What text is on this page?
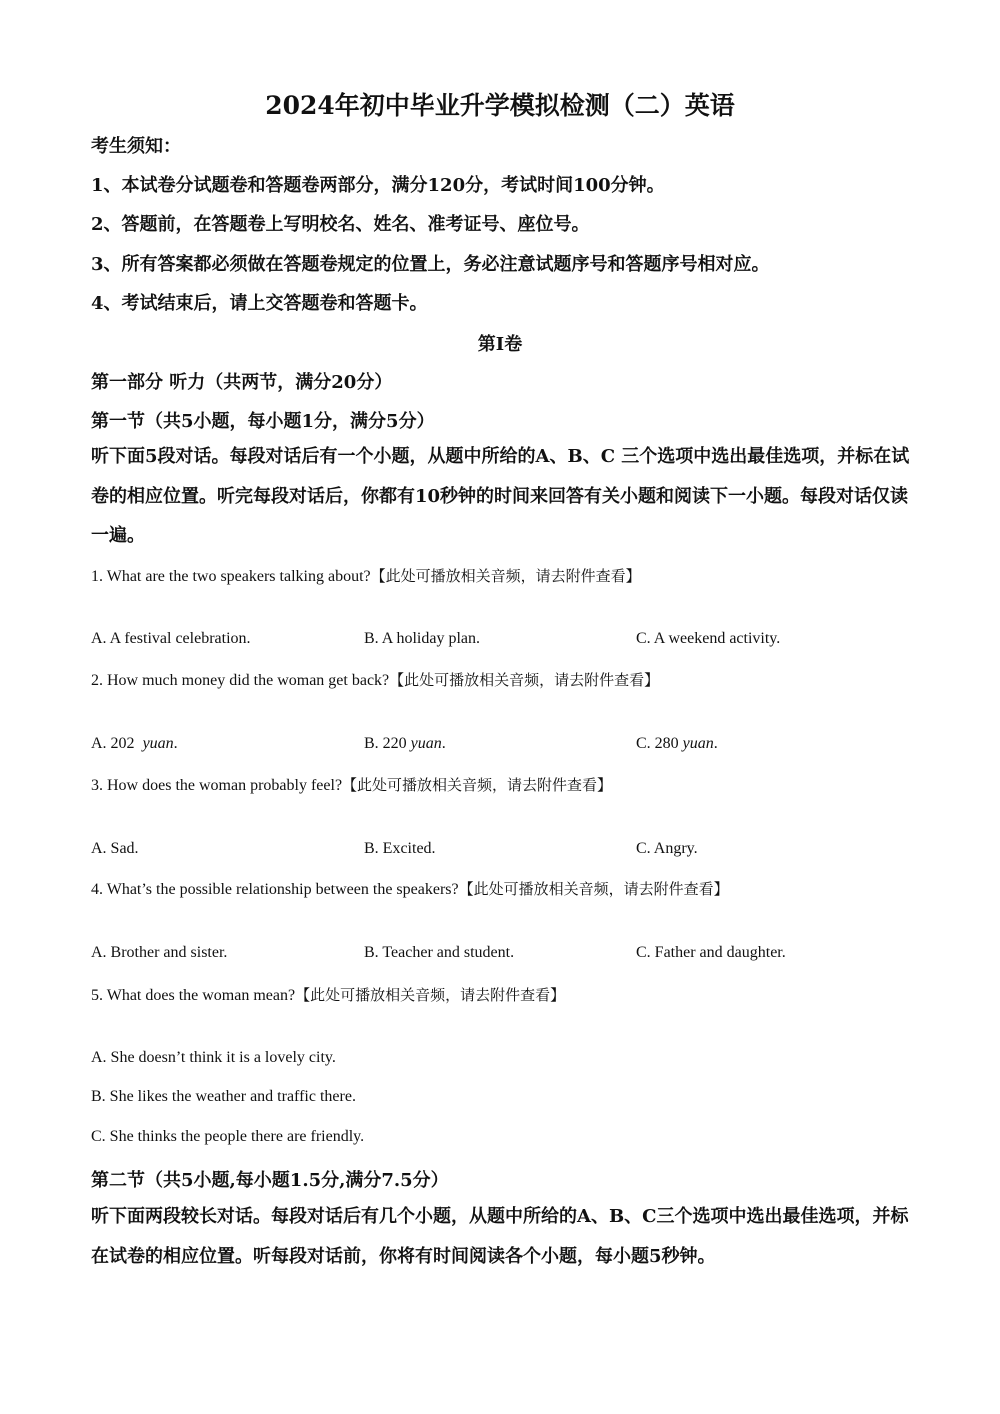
2024年初中毕业升学模拟检测（二）英语
考生须知：
1、本试卷分试题卷和答题卷两部分，满分120分，考试时间100分钟。
2、答题前，在答题卷上写明校名、姓名、准考证号、座位号。
3、所有答案都必须做在答题卷规定的位置上，务必注意试题序号和答题序号相对应。
4、考试结束后，请上交答题卷和答题卡。
第Ⅰ卷
第一部分 听力（共两节，满分20分）
第一节（共5小题，每小题1分，满分5分）
听下面5段对话。每段对话后有一个小题，从题中所给的A、B、C 三个选项中选出最佳选项，并标在试卷的相应位置。听完每段对话后，你都有10秒钟的时间来回答有关小题和阅读下一小题。每段对话仅读一遍。
1. What are the two speakers talking about?【此处可播放相关音频，请去附件查看】
A. A festival celebration.	B. A holiday plan.	C. A weekend activity.
2. How much money did the woman get back?【此处可播放相关音频，请去附件查看】
A. 202 yuan.	B. 220 yuan.	C. 280 yuan.
3. How does the woman probably feel?【此处可播放相关音频，请去附件查看】
A. Sad.	B. Excited.	C. Angry.
4. What’s the possible relationship between the speakers?【此处可播放相关音频，请去附件查看】
A. Brother and sister.	B. Teacher and student.	C. Father and daughter.
5. What does the woman mean?【此处可播放相关音频，请去附件查看】
A. She doesn’t think it is a lovely city.
B. She likes the weather and traffic there.
C. She thinks the people there are friendly.
第二节（共5小题,每小题1.5分,满分7.5分）
听下面两段较长对话。每段对话后有几个小题，从题中所给的A、B、C三个选项中选出最佳选项，并标在试卷的相应位置。听每段对话前，你将有时间阅读各个小题，每小题5秒钟。
